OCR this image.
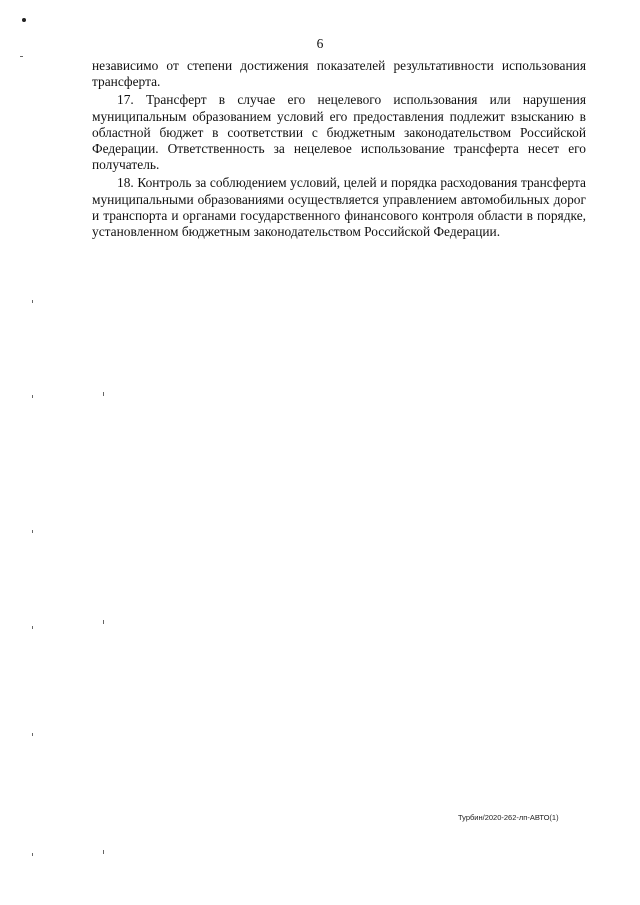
6

независимо от степени достижения показателей результативности использования трансферта.

17. Трансферт в случае его нецелевого использования или нарушения муниципальным образованием условий его предоставления подлежит взысканию в областной бюджет в соответствии с бюджетным законодательством Российской Федерации. Ответственность за нецелевое использование трансферта несет его получатель.

18. Контроль за соблюдением условий, целей и порядка расходования трансферта муниципальными образованиями осуществляется управлением автомобильных дорог и транспорта и органами государственного финансового контроля области в порядке, установленном бюджетным законодательством Российской Федерации.

Турбин/2020-262-лп-АВТО(1)
